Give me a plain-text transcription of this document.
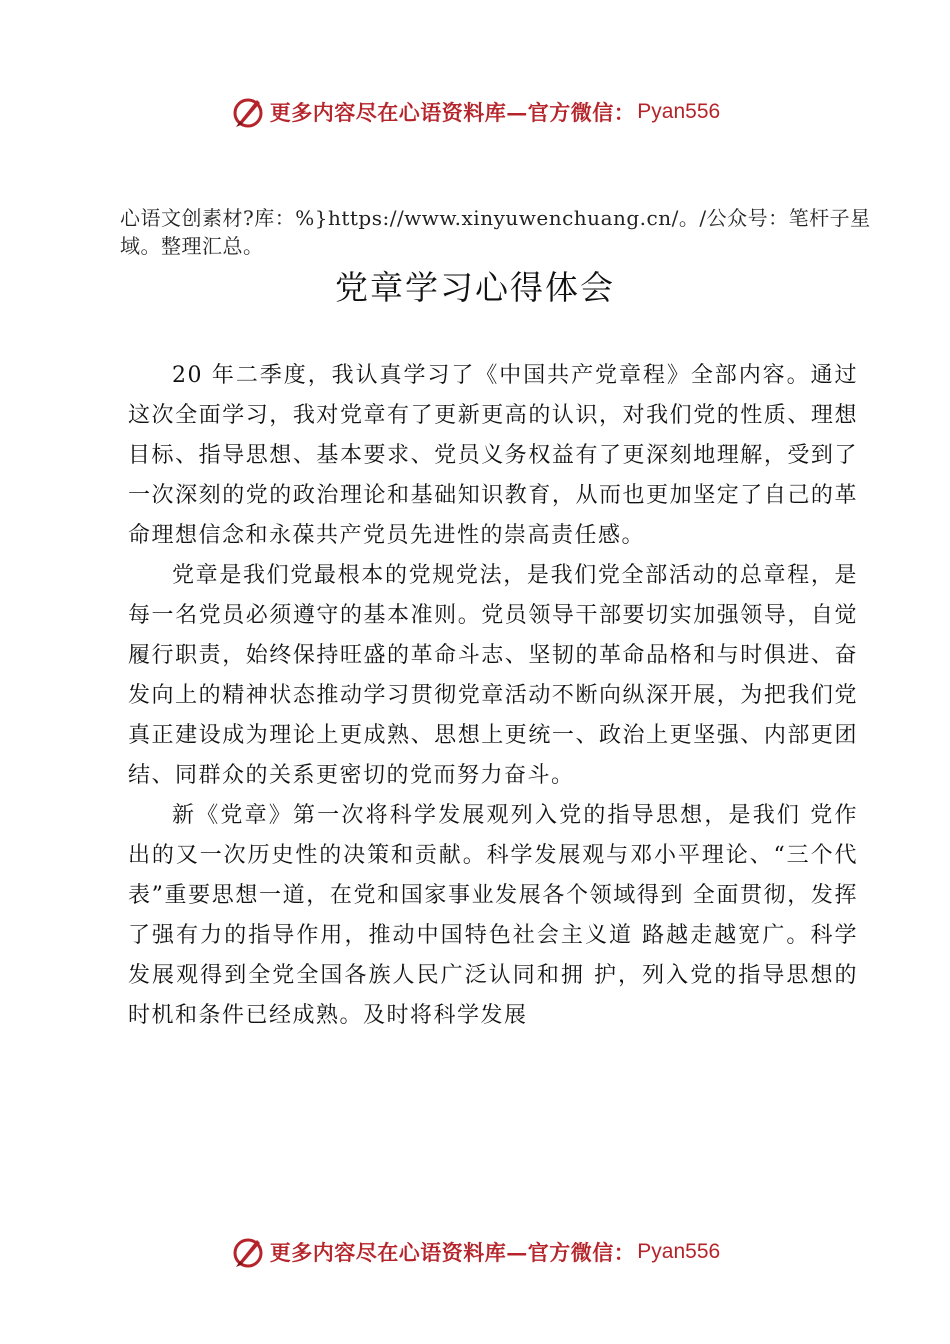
更多内容尽在心语资料库—官方微信： Pyan556
心语文创素材?库：%}https://www.xinyuwenchuang.cn/。/公众号：笔杆子星域。整理汇总。
党章学习心得体会

20 年二季度，我认真学习了《中国共产党章程》全部内容。通过这次全面学习，我对党章有了更新更高的认识，对我们党的性质、理想目标、指导思想、基本要求、党员义务权益有了更深刻地理解，受到了一次深刻的党的政治理论和基础知识教育，从而也更加坚定了自己的革命理想信念和永葆共产党员先进性的崇高责任感。

党章是我们党最根本的党规党法，是我们党全部活动的总章程，是每一名党员必须遵守的基本准则。党员领导干部要切实加强领导，自觉履行职责，始终保持旺盛的革命斗志、坚韧的革命品格和与时俱进、奋发向上的精神状态推动学习贯彻党章活动不断向纵深开展，为把我们党真正建设成为理论上更成熟、思想上更统一、政治上更坚强、内部更团结、同群众的关系更密切的党而努力奋斗。

新《党章》第一次将科学发展观列入党的指导思想，是我们 党作出的又一次历史性的决策和贡献。科学发展观与邓小平理论、“三个代表”重要思想一道，在党和国家事业发展各个领域得到 全面贯彻，发挥了强有力的指导作用，推动中国特色社会主义道 路越走越宽广。科学发展观得到全党全国各族人民广泛认同和拥 护，列入党的指导思想的时机和条件已经成熟。及时将科学发展

更多内容尽在心语资料库—官方微信： Pyan556
